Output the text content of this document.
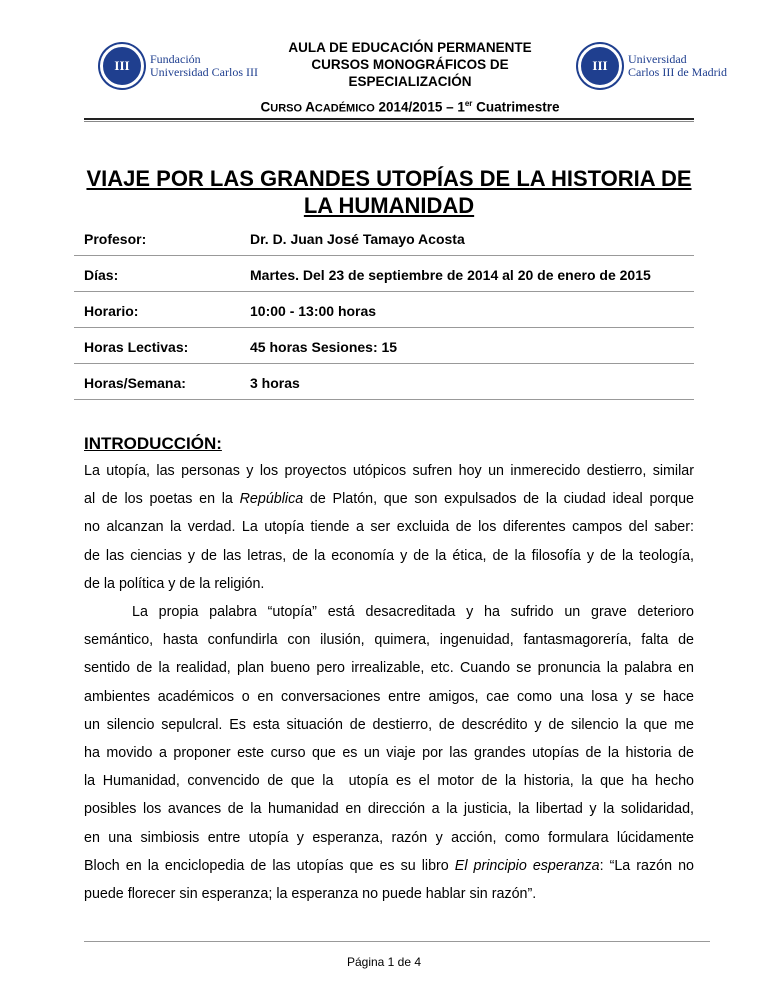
III	Fundación
Universidad Carlos III	III	Universidad
Carlos III de Madrid
AULA DE EDUCACIÓN PERMANENTE
CURSOS MONOGRÁFICOS DE
ESPECIALIZACIÓN
CURSO ACADÉMICO 2014/2015 – 1er Cuatrimestre
VIAJE POR LAS GRANDES UTOPÍAS DE LA HISTORIA DE
LA HUMANIDAD
Profesor:	Dr. D. Juan José Tamayo Acosta
Días:	Martes. Del 23 de septiembre de 2014 al 20 de enero de 2015
Horario:	10:00 - 13:00 horas
Horas Lectivas:	45 horas Sesiones: 15
Horas/Semana:	3 horas
INTRODUCCIÓN:
La utopía, las personas y los proyectos utópicos sufren hoy un inmerecido destierro, similar
al de los poetas en la República de Platón, que son expulsados de la ciudad ideal porque
no alcanzan la verdad. La utopía tiende a ser excluida de los diferentes campos del saber:
de las ciencias y de las letras, de la economía y de la ética, de la filosofía y de la teología,
de la política y de la religión.
La  propia  palabra  “utopía”  está  desacreditada  y  ha  sufrido  un  grave  deterioro
semántico, hasta confundirla con ilusión, quimera, ingenuidad, fantasmagorería, falta de
sentido de la realidad, plan bueno pero irrealizable, etc. Cuando se pronuncia la palabra en
ambientes académicos o en conversaciones entre amigos, cae como una losa y se hace
un silencio sepulcral. Es esta situación de destierro, de descrédito y de silencio la que me
ha movido a proponer este curso que es un viaje por las grandes utopías de la historia de
la Humanidad, convencido de que la  utopía es el motor de la historia, la que ha hecho
posibles los avances de la humanidad en dirección a la justicia, la libertad y la solidaridad,
en una simbiosis entre utopía y esperanza, razón y acción, como formulara lúcidamente
Bloch en la enciclopedia de las utopías que es su libro El principio esperanza: “La razón no
puede florecer sin esperanza; la esperanza no puede hablar sin razón”.
Página 1 de 4
